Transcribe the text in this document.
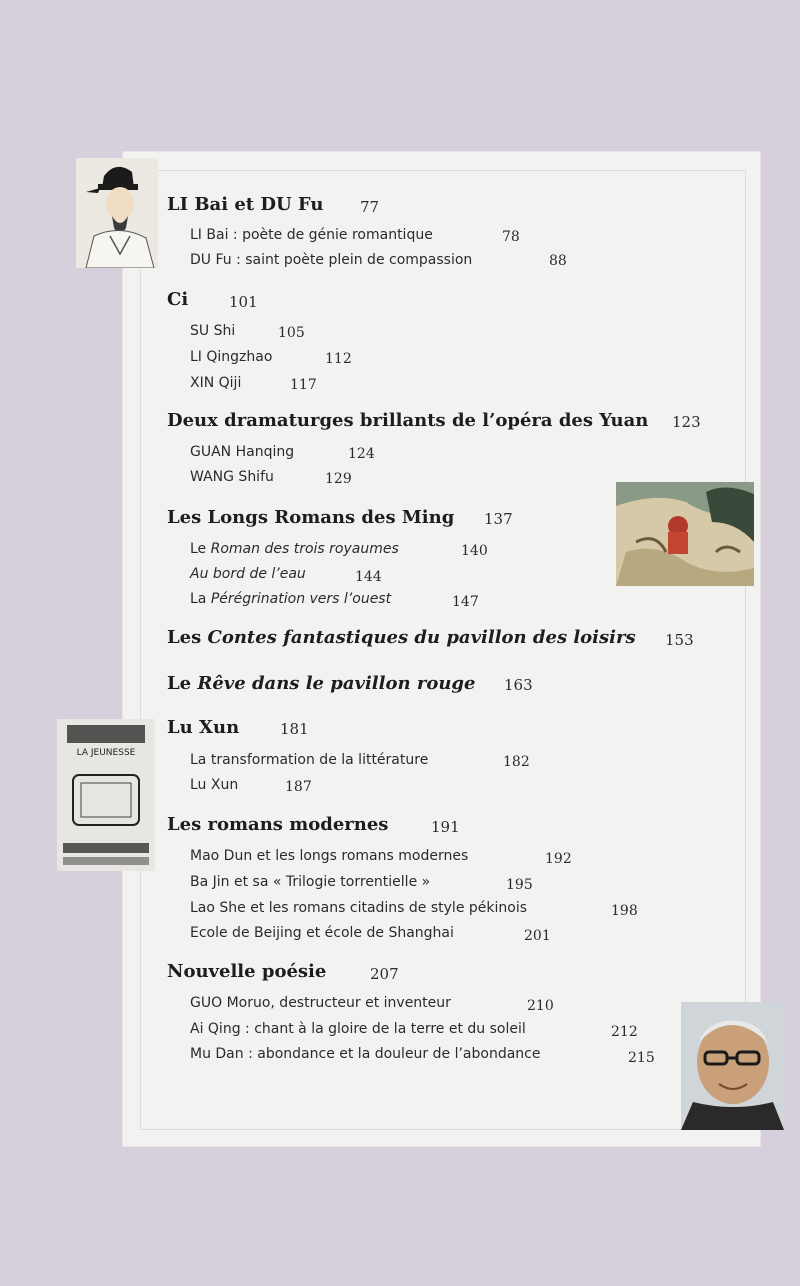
LA JEUNESSE
LI Bai et DU Fu 77
LI Bai : poète de génie romantique	78
DU Fu : saint poète plein de compassion	88
Ci	101
SU Shi	105
LI Qingzhao	112
XIN Qiji	117
Deux dramaturges brillants de l’opéra des Yuan 123
GUAN Hanqing	124
WANG Shifu	129
Les Longs Romans des Ming 137
Le Roman des trois royaumes	140
Au bord de l’eau	144
La Pérégrination vers l’ouest	147
Les Contes fantastiques du pavillon des loisirs 153
Le Rêve dans le pavillon rouge 163
Lu Xun	181
La transformation de la littérature	182
Lu Xun	187
Les romans modernes	191
Mao Dun et les longs romans modernes	192
Ba Jin et sa « Trilogie torrentielle »	195
Lao She et les romans citadins de style pékinois	198
Ecole de Beijing et école de Shanghai	201
Nouvelle poésie	207
GUO Moruo, destructeur et inventeur	210
Ai Qing : chant à la gloire de la terre et du soleil	212
Mu Dan : abondance et la douleur de l’abondance	215
